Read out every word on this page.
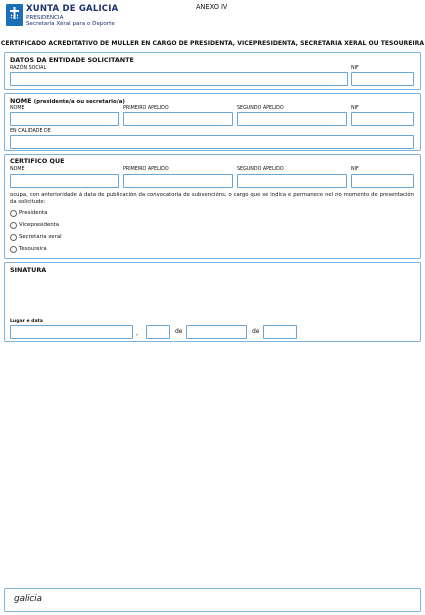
XUNTA DE GALICIA
PRESIDENCIA
Secretaría Xeral para o Deporte
ANEXO IV
CERTIFICADO ACREDITATIVO DE MULLER EN CARGO DE PRESIDENTA, VICEPRESIDENTA, SECRETARIA XERAL OU TESOUREIRA
DATOS DA ENTIDADE SOLICITANTE
RAZÓN SOCIAL	NIF
NOME (presidente/a ou secretario/a)
NOME	PRIMEIRO APELIDO	SEGUNDO APELIDO	NIF
EN CALIDADE DE
CERTIFICO QUE
NOME	PRIMEIRO APELIDO	SEGUNDO APELIDO	NIF
ocupa, con anterioridade á data de publicación da convocatoria de subvencións, o cargo que se indica e permanece nel no momento de presentación da solicitude:
Presidenta
Vicepresidenta
Secretaria xeral
Tesoureira
SINATURA
Lugar e data
,	de	de
galicia
